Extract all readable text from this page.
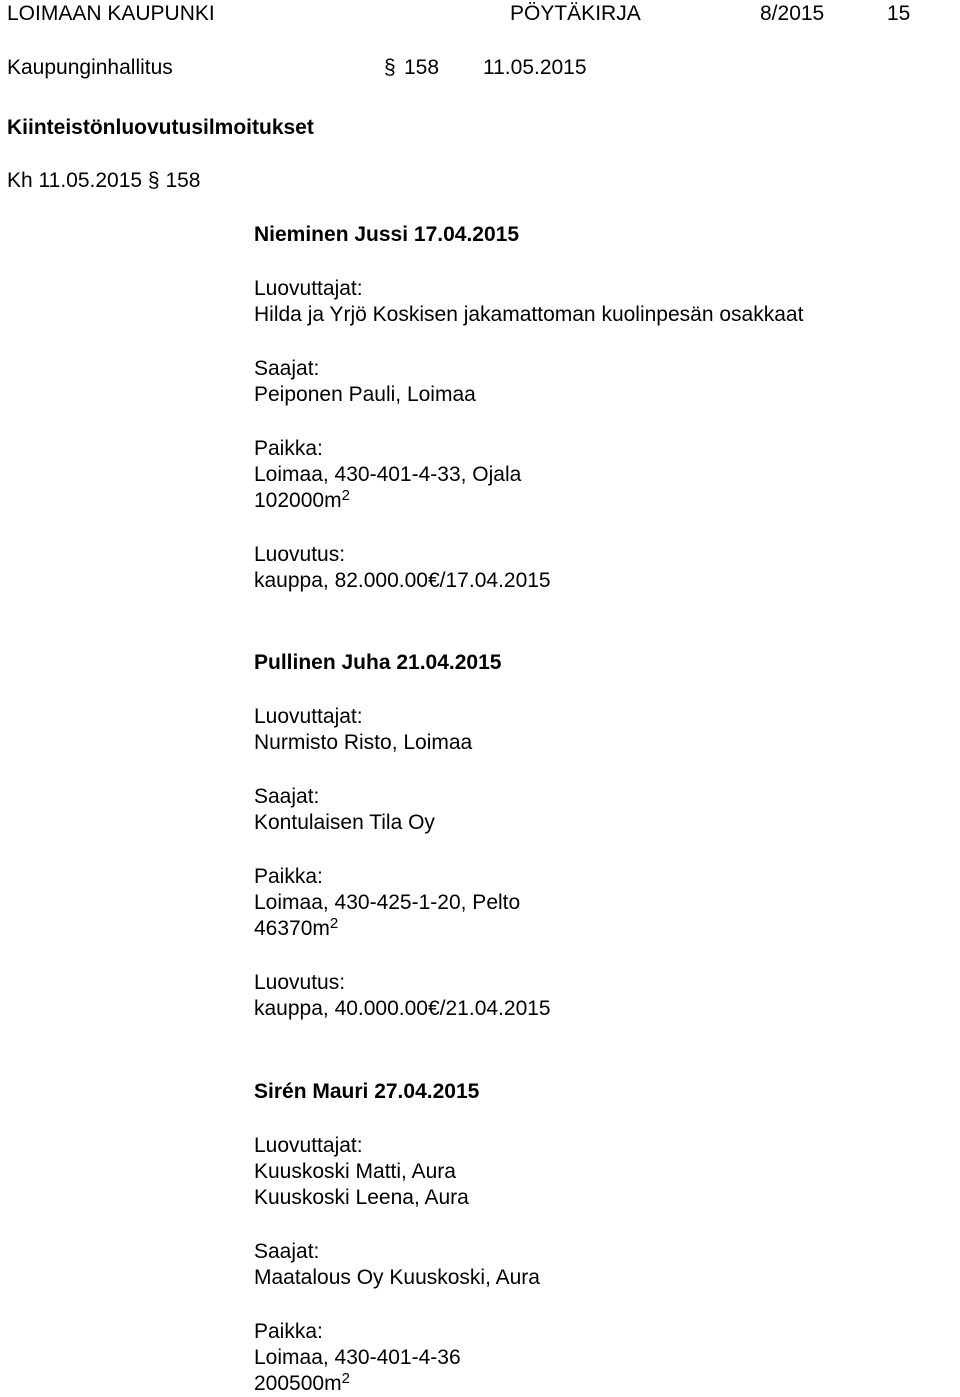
LOIMAAN KAUPUNKI	PÖYTÄKIRJA	8/2015	15
Kaupunginhallitus	§ 158 11.05.2015
Kiinteistönluovutusilmoitukset
Kh 11.05.2015 § 158
Nieminen Jussi 17.04.2015
Luovuttajat:
Hilda ja Yrjö Koskisen jakamattoman kuolinpesän osakkaat
Saajat:
Peiponen Pauli, Loimaa
Paikka:
Loimaa, 430-401-4-33, Ojala
$102000m^2$
Luovutus:
kauppa, 82.000.00€/17.04.2015
Pullinen Juha 21.04.2015
Luovuttajat:
Nurmisto Risto, Loimaa
Saajat:
Kontulaisen Tila Oy
Paikka:
Loimaa, 430-425-1-20, Pelto
$46370m^2$
Luovutus:
kauppa, 40.000.00€/21.04.2015
Sirén Mauri 27.04.2015
Luovuttajat:
Kuuskoski Matti, Aura
Kuuskoski Leena, Aura
Saajat:
Maatalous Oy Kuuskoski, Aura
Paikka:
Loimaa, 430-401-4-36
$200500m^2$
